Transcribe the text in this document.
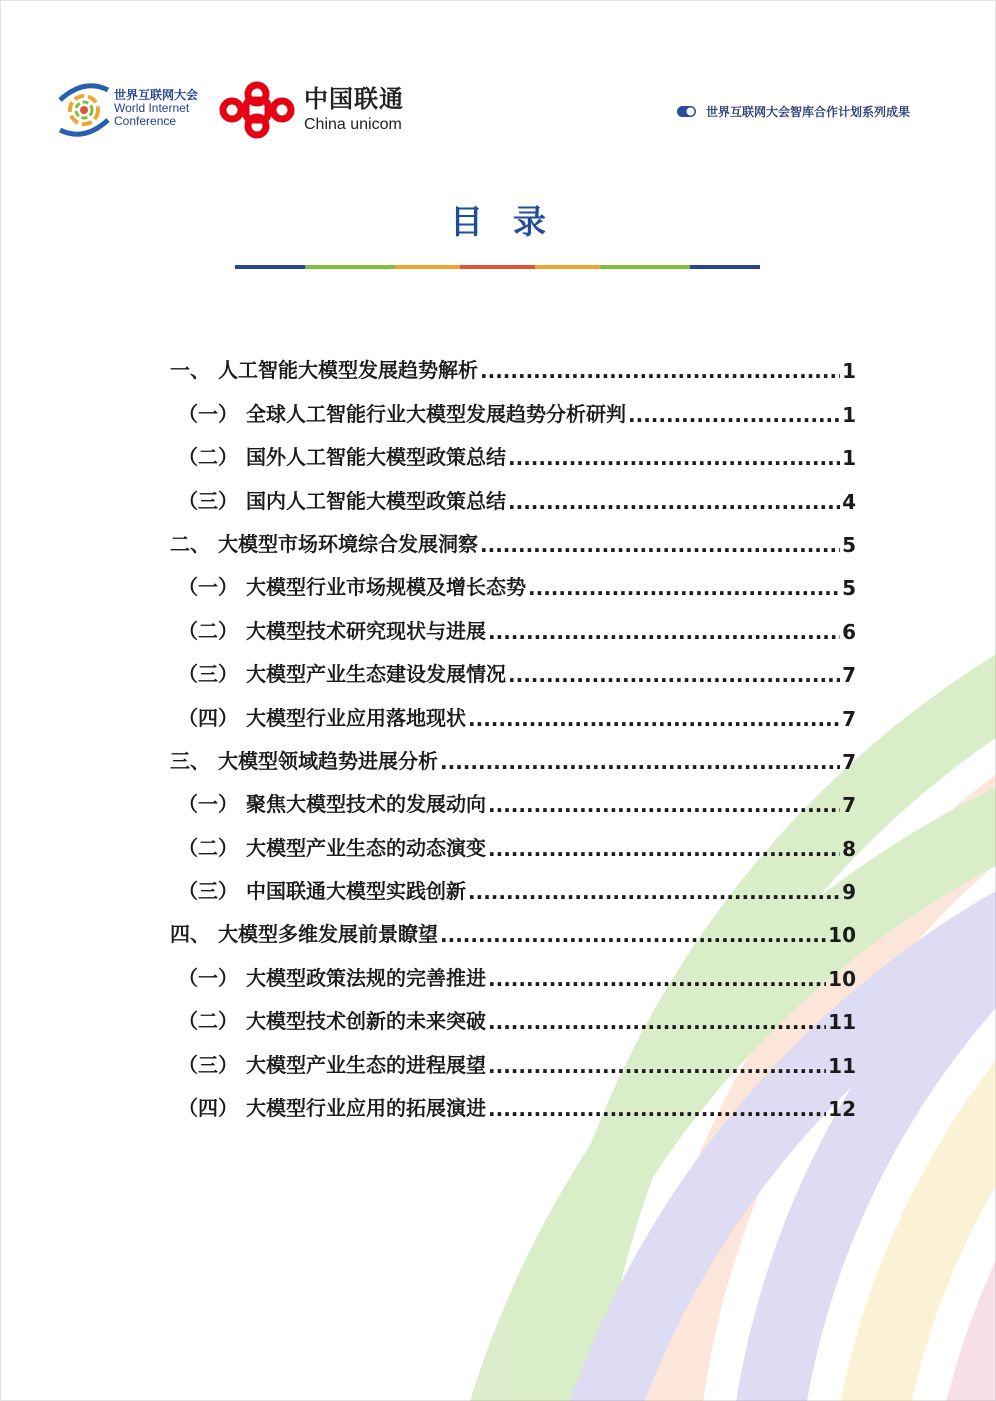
世界互联网大会
World Internet
Conference
中国联通
China unicom
世界互联网大会智库合作计划系列成果
目录
一、 人工智能大模型发展趋势解析 .....	1
（一） 全球人工智能行业大模型发展趋势分析研判 .....	1
（二） 国外人工智能大模型政策总结 .....	1
（三） 国内人工智能大模型政策总结 .....	4
二、 大模型市场环境综合发展洞察 .....	5
（一） 大模型行业市场规模及增长态势 .....	5
（二） 大模型技术研究现状与进展 .....	6
（三） 大模型产业生态建设发展情况 .....	7
（四） 大模型行业应用落地现状 .....	7
三、 大模型领域趋势进展分析 .....	7
（一） 聚焦大模型技术的发展动向 .....	7
（二） 大模型产业生态的动态演变 .....	8
（三） 中国联通大模型实践创新 .....	9
四、 大模型多维发展前景瞭望 .....	10
（一） 大模型政策法规的完善推进 .....	10
（二） 大模型技术创新的未来突破 .....	11
（三） 大模型产业生态的进程展望 .....	11
（四） 大模型行业应用的拓展演进 .....	12
